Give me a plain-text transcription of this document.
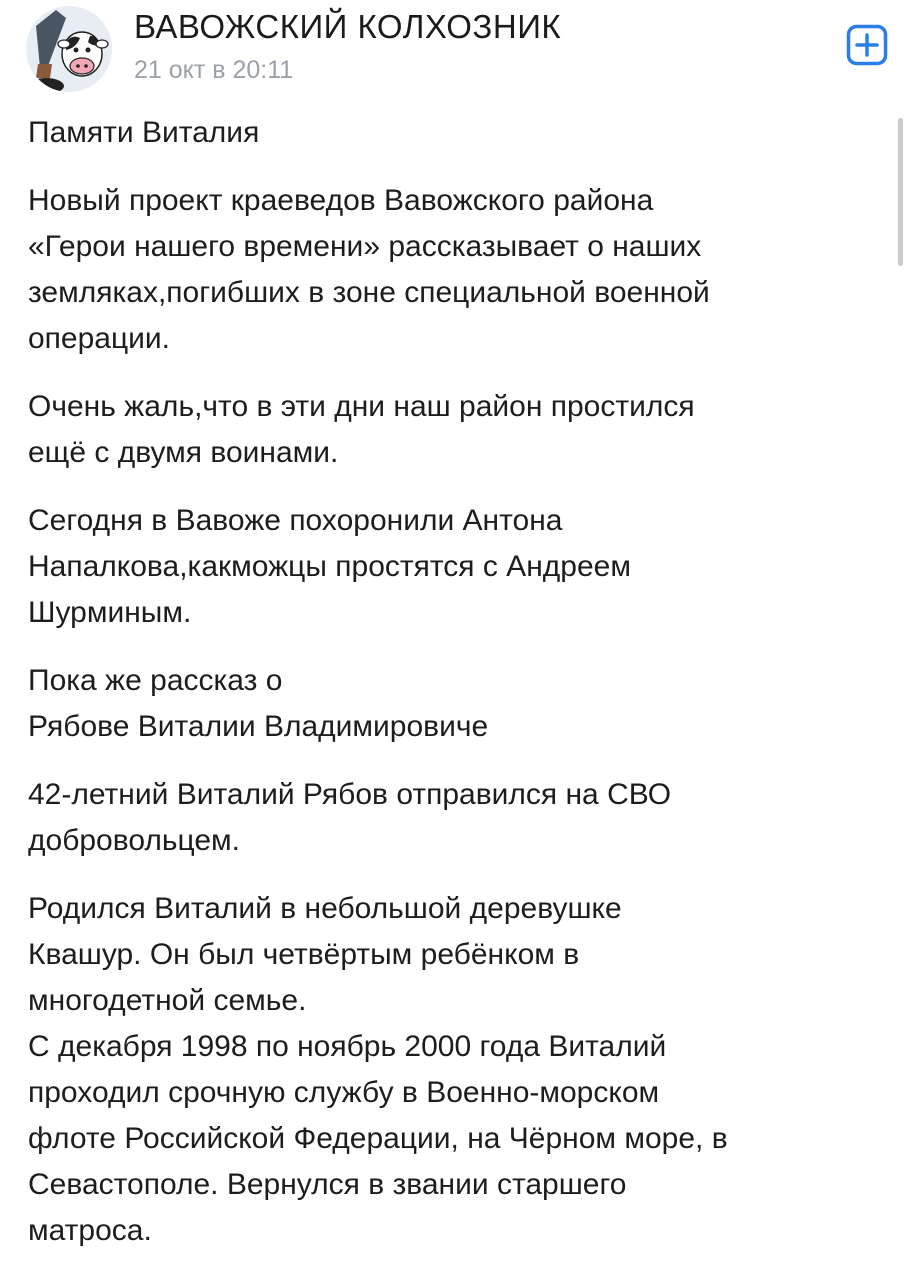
ВАВОЖСКИЙ КОЛХОЗНИК
21 окт в 20:11

Памяти Виталия

Новый проект краеведов Вавожского района
«Герои нашего времени» рассказывает о наших
земляках,погибших в зоне специальной военной
операции.

Очень жаль,что в эти дни наш район простился
ещё с двумя воинами.

Сегодня в Вавоже похоронили Антона
Напалкова,какможцы простятся с Андреем
Шурминым.

Пока же рассказ о
Рябове Виталии Владимировиче

42-летний Виталий Рябов отправился на СВО
добровольцем.

Родился Виталий в небольшой деревушке
Квашур. Он был четвёртым ребёнком в
многодетной семье.
С декабря 1998 по ноябрь 2000 года Виталий
проходил срочную службу в Военно-морском
флоте Российской Федерации, на Чёрном море, в
Севастополе. Вернулся в звании старшего
матроса.
